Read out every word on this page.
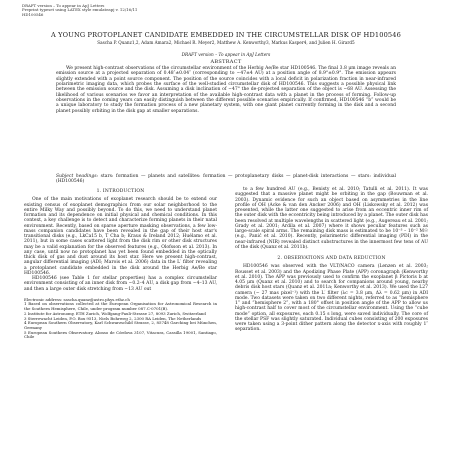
DRAFT version – To appear in ApJ Letters
Preprint typeset using LATEX style emulateapj v. 12/16/11
HD100546
A YOUNG PROTOPLANET CANDIDATE EMBEDDED IN THE CIRCUMSTELLAR DISK OF HD100546
Sascha P. Quanz1,2, Adam Amara2, Michael R. Meyer2, Matthew A. Kenworthy3, Markus Kasper4, and Julien H. Girard5
DRAFT version – To appear in ApJ Letters
ABSTRACT

We present high-contrast observations of the circumstellar environment of the Herbig Ae/Be star HD100546. The final 3.8 μm image reveals an emission source at a projected separation of 0.48″±0.04″ (corresponding to ∼47±4 AU) at a position angle of 8.9°±0.9°. The emission appears slightly extended with a point source component. The position of the source coincides with a local deficit in polarization fraction in near-infrared polarimetric imaging data, which probes the surface of the well-studied circumstellar disk of HD100546. This suggests a possible physical link between the emission source and the disk. Assuming a disk inclination of ∼47° the de-projected separation of the object is ∼68 AU. Assessing the likelihood of various scenarios we favor an interpretation of the available high-contrast data with a planet in the process of forming. Follow-up observations in the coming years can easily distinguish between the different possible scenarios empirically. If confirmed, HD100546 “b” would be a unique laboratory to study the formation process of a new planetary system, with one giant planet currently forming in the disk and a second planet possibly orbiting in the disk gap at smaller separations.

Subject headings: stars: formation — planets and satellites: formation — protoplanetary disks — planet-disk interactions — stars: individual (HD100546)
1. INTRODUCTION

One of the main motivations of exoplanet research should be to extend our existing census of exoplanet demographics from our solar neighborhood to the entire Milky Way and possibly beyond. To do this, we need to understand planet formation and its dependence on initial physical and chemical conditions. In this context, a key challenge is to detect and characterize forming planets in their natal environment. Recently, based on sparse aperture masking observations, a few low-mass companion candidates have been revealed in the gap of their host star's transitional disks (e.g., LkCa15 b, T Cha b; Kraus & Ireland 2012; Huélamo et al. 2011), but in some cases scattered light from the disk rim or other disk structures may be a valid explanation for the observed features (e.g., Olofsson et al. 2013). In any case, until now no protoplanet has yet been found embedded in the optically thick disk of gas and dust around its host star. Here we present high-contrast, angular differential imaging (ADI; Marois et al. 2006) data in the L′ filter revealing a protoplanet candidate embedded in the disk around the Herbig Ae/Be star HD100546.

HD100546 (see Table 1 for stellar properties) has a complex circumstellar environment consisting of an inner disk from ∼0.2–4 AU, a disk gap from ∼4–13 AU, and then a large outer disk stretching from ∼13 AU out

Electronic address: sascha.quanz@astro.phys.ethz.ch
1 Based on observations collected at the European Organisation for Astronomical Research in the Southern Hemisphere, Chile, under program number 087.C-0701(B).
2 Institute for Astronomy, ETH Zurich, Wolfgang-Pauli-Strasse 27, 8093 Zurich, Switzerland
3 Sterrewacht Leiden, P.O. Box 9513, Niels Bohrweg 2, 2300 RA Leiden, The Netherlands
4 European Southern Observatory, Karl Schwarzschild Strasse, 2, 85748 Garching bei München, Germany
5 European Southern Observatory, Alonso de Córdova 3107, Vitacura, Cassilla 19001, Santiago, Chile

to a few hundred AU (e.g., Benisty et al. 2010; Tatulli et al. 2011). It was suggested that a massive planet might be orbiting in the gap (Bouwman et al. 2003). Dynamic evidence for such an object based on asymmetries in the line profile of OH (Acke & van den Ancker 2006) and OH (Liskowsky et al. 2012) was presented, while the latter one suggested to arise from an eccentric inner rim of the outer disk with the eccentricity being introduced by a planet. The outer disk has been resolved at multiple wavelengths in scattered light (e.g., Augereau et al. 2001; Grady et al. 2001; Ardila et al. 2007) where it shows peculiar features such as large-scale spiral arms. The remaining disk mass is estimated to be 10⁻³ – 10⁻² M☉ (e.g., Panić et al. 2010). Recently, polarimetric differential imaging (PDI) in the near-infrared (NIR) revealed distinct substructures in the innermost few tens of AU of the disk (Quanz et al. 2011b).

2. OBSERVATIONS AND DATA REDUCTION

HD100546 was observed with the VLT/NACO camera (Lenzen et al. 2003; Rousset et al. 2003) and the Apodizing Phase Plate (APP) coronagraph (Kenworthy et al. 2010). The APP was previously used to confirm the exoplanet β Pictoris b at 4.05 μm (Quanz et al. 2010) and to search for companions around young, nearby debris disk host stars (Quanz et al. 2011a; Kenworthy et al. 2013). We used the L27 camera (∼ 27 mas pixel⁻¹) with the L′ filter (λc = 3.8 μm, Δλ = 0.62 μm) in ADI mode. Two datasets were taken on two different nights, referred to as “hemisphere 1” and “hemisphere 2”, with a 180° offset in position angle of the APP to allow us high-contrast half to cover most of the circumstellar environment. Using the “cube mode” option, all exposures, each 0.15 s long, were saved individually. The core of the stellar PSF was slightly saturated. Individual cubes consisting of 200 exposures were taken using a 3-point dither pattern along the detector x-axis with roughly 1″ separation.
